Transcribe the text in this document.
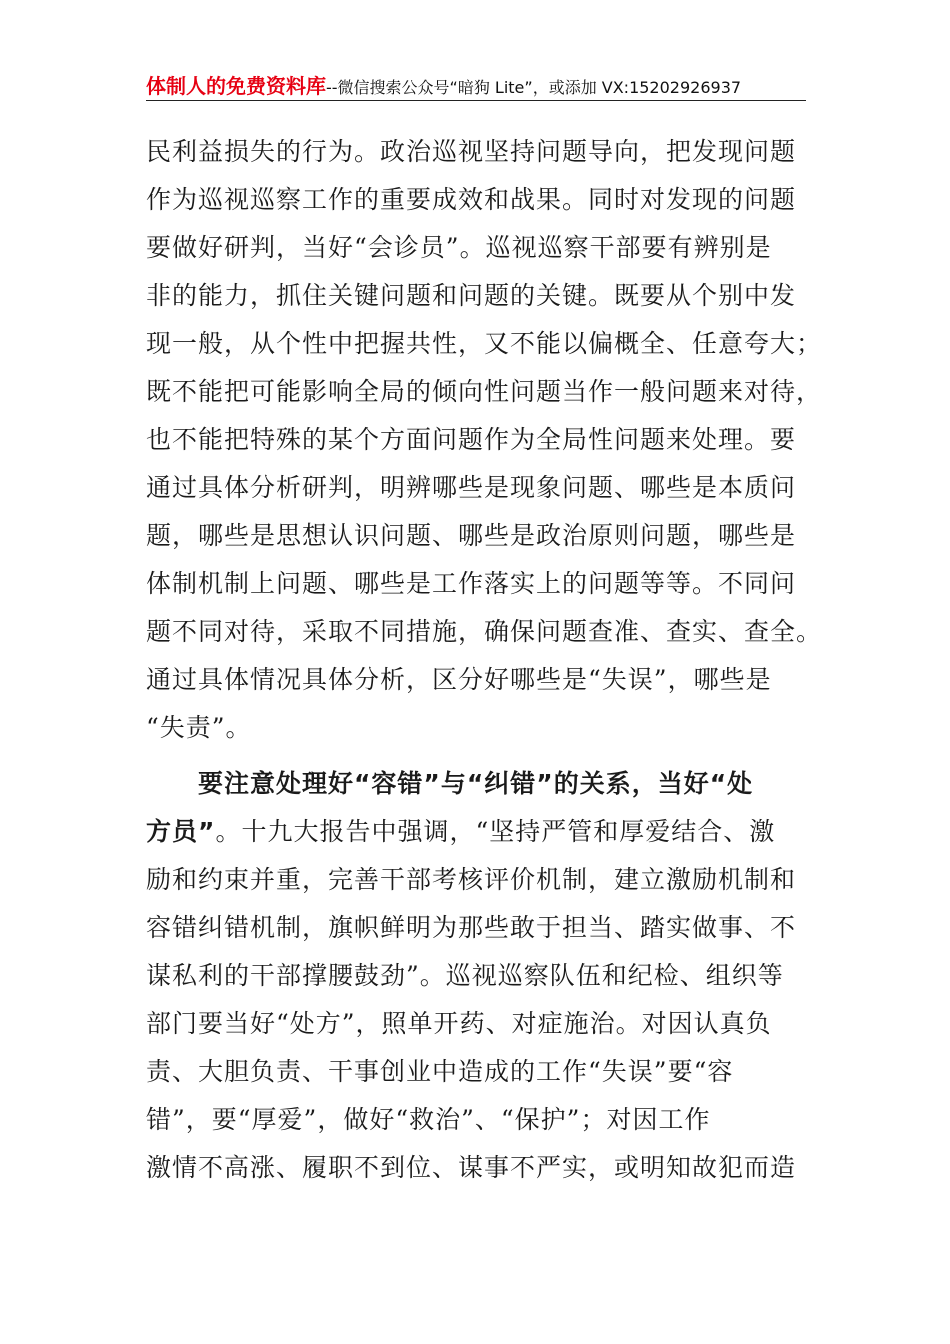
体制人的免费资料库--微信搜索公众号“暗狗 Lite”，或添加 VX:15202926937
民利益损失的行为。政治巡视坚持问题导向，把发现问题
作为巡视巡察工作的重要成效和战果。同时对发现的问题
要做好研判，当好“会诊员”。巡视巡察干部要有辨别是
非的能力，抓住关键问题和问题的关键。既要从个别中发
现一般，从个性中把握共性，又不能以偏概全、任意夸大；
既不能把可能影响全局的倾向性问题当作一般问题来对待，
也不能把特殊的某个方面问题作为全局性问题来处理。要
通过具体分析研判，明辨哪些是现象问题、哪些是本质问
题，哪些是思想认识问题、哪些是政治原则问题，哪些是
体制机制上问题、哪些是工作落实上的问题等等。不同问
题不同对待，采取不同措施，确保问题查准、查实、查全。
通过具体情况具体分析，区分好哪些是“失误”，哪些是
“失责”。
要注意处理好“容错”与“纠错”的关系，当好“处
方员”。十九大报告中强调，“坚持严管和厚爱结合、激
励和约束并重，完善干部考核评价机制，建立激励机制和
容错纠错机制，旗帜鲜明为那些敢于担当、踏实做事、不
谋私利的干部撑腰鼓劲”。巡视巡察队伍和纪检、组织等
部门要当好“处方”，照单开药、对症施治。对因认真负
责、大胆负责、干事创业中造成的工作“失误”要“容
错”，要“厚爱”，做好“救治”、“保护”；对因工作
激情不高涨、履职不到位、谋事不严实，或明知故犯而造
